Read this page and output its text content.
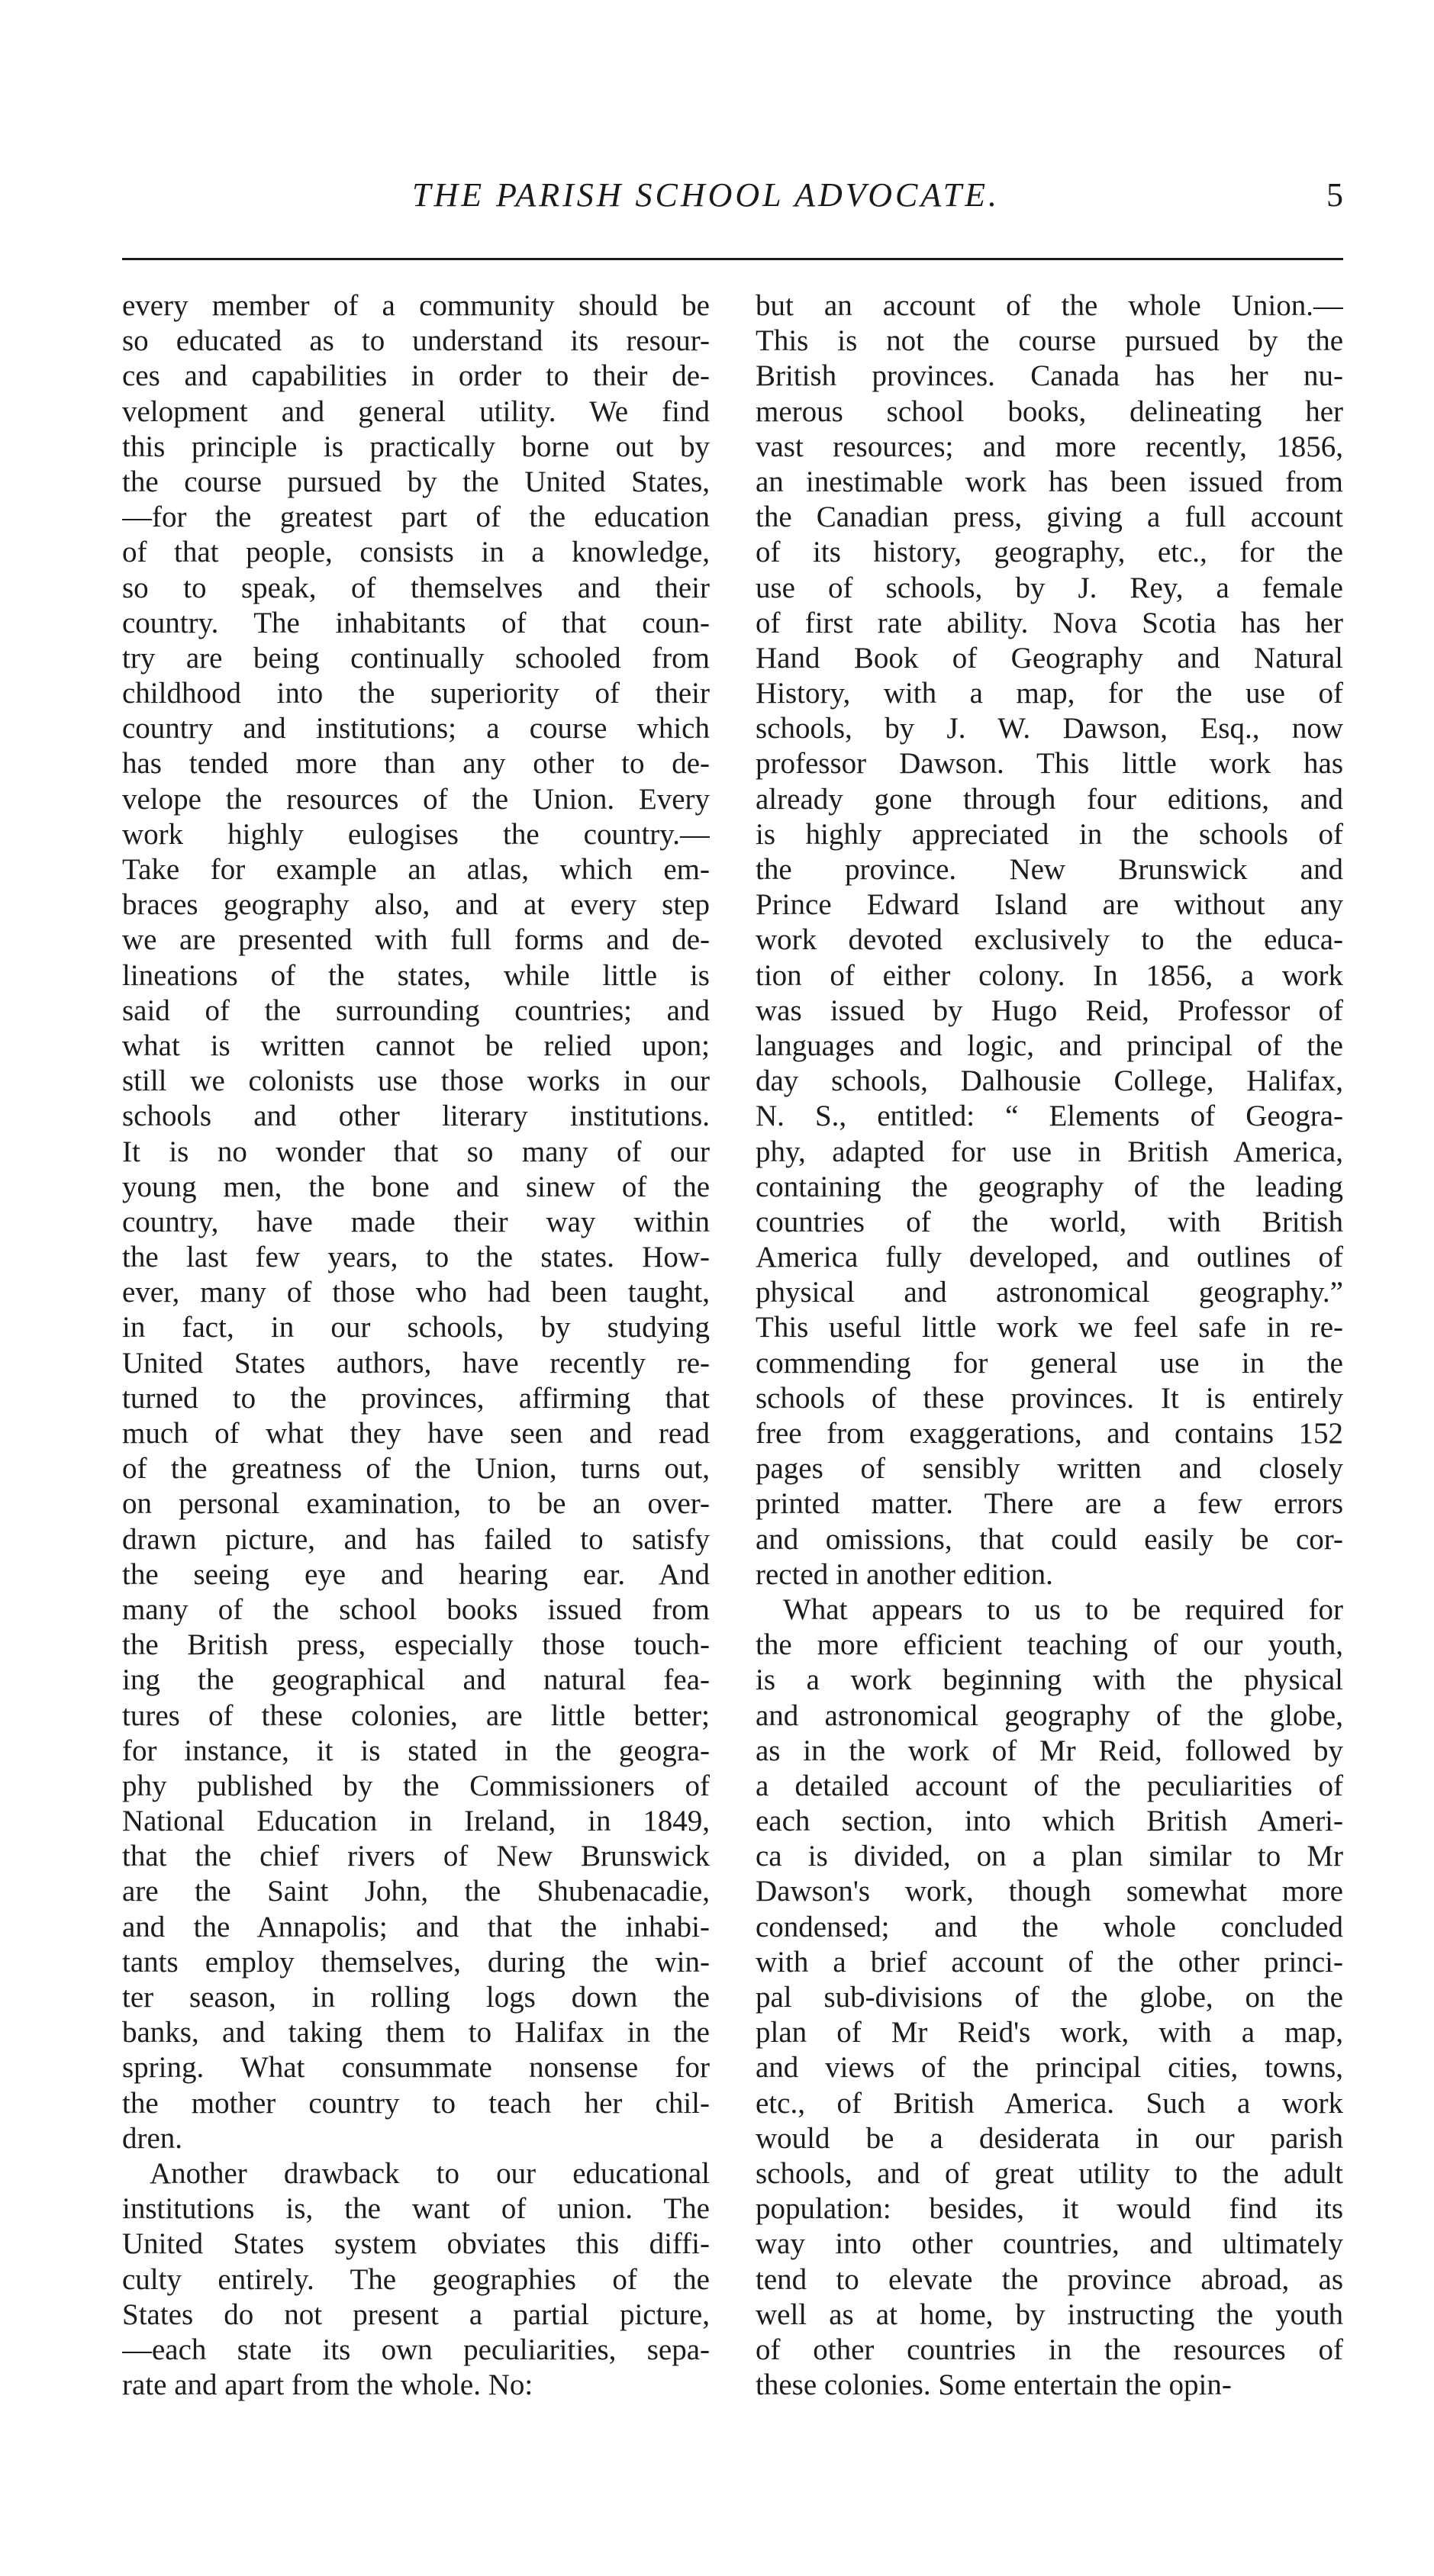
THE PARISH SCHOOL ADVOCATE.	5
every member of a community should be
so educated as to understand its resour-
ces and capabilities in order to their de-
velopment and general utility. We find
this principle is practically borne out by
the course pursued by the United States,
—for the greatest part of the education
of that people, consists in a knowledge,
so to speak, of themselves and their
country. The inhabitants of that coun-
try are being continually schooled from
childhood into the superiority of their
country and institutions; a course which
has tended more than any other to de-
velope the resources of the Union. Every
work highly eulogises the country.—
Take for example an atlas, which em-
braces geography also, and at every step
we are presented with full forms and de-
lineations of the states, while little is
said of the surrounding countries; and
what is written cannot be relied upon;
still we colonists use those works in our
schools and other literary institutions.
It is no wonder that so many of our
young men, the bone and sinew of the
country, have made their way within
the last few years, to the states. How-
ever, many of those who had been taught,
in fact, in our schools, by studying
United States authors, have recently re-
turned to the provinces, affirming that
much of what they have seen and read
of the greatness of the Union, turns out,
on personal examination, to be an over-
drawn picture, and has failed to satisfy
the seeing eye and hearing ear. And
many of the school books issued from
the British press, especially those touch-
ing the geographical and natural fea-
tures of these colonies, are little better;
for instance, it is stated in the geogra-
phy published by the Commissioners of
National Education in Ireland, in 1849,
that the chief rivers of New Brunswick
are the Saint John, the Shubenacadie,
and the Annapolis; and that the inhabi-
tants employ themselves, during the win-
ter season, in rolling logs down the
banks, and taking them to Halifax in the
spring. What consummate nonsense for
the mother country to teach her chil-
dren.
Another drawback to our educational
institutions is, the want of union. The
United States system obviates this diffi-
culty entirely. The geographies of the
States do not present a partial picture,
—each state its own peculiarities, sepa-
rate and apart from the whole. No:
but an account of the whole Union.—
This is not the course pursued by the
British provinces. Canada has her nu-
merous school books, delineating her
vast resources; and more recently, 1856,
an inestimable work has been issued from
the Canadian press, giving a full account
of its history, geography, etc., for the
use of schools, by J. Rey, a female
of first rate ability. Nova Scotia has her
Hand Book of Geography and Natural
History, with a map, for the use of
schools, by J. W. Dawson, Esq., now
professor Dawson. This little work has
already gone through four editions, and
is highly appreciated in the schools of
the province. New Brunswick and
Prince Edward Island are without any
work devoted exclusively to the educa-
tion of either colony. In 1856, a work
was issued by Hugo Reid, Professor of
languages and logic, and principal of the
day schools, Dalhousie College, Halifax,
N. S., entitled: “ Elements of Geogra-
phy, adapted for use in British America,
containing the geography of the leading
countries of the world, with British
America fully developed, and outlines of
physical and astronomical geography.”
This useful little work we feel safe in re-
commending for general use in the
schools of these provinces. It is entirely
free from exaggerations, and contains 152
pages of sensibly written and closely
printed matter. There are a few errors
and omissions, that could easily be cor-
rected in another edition.
What appears to us to be required for
the more efficient teaching of our youth,
is a work beginning with the physical
and astronomical geography of the globe,
as in the work of Mr Reid, followed by
a detailed account of the peculiarities of
each section, into which British Ameri-
ca is divided, on a plan similar to Mr
Dawson's work, though somewhat more
condensed; and the whole concluded
with a brief account of the other princi-
pal sub-divisions of the globe, on the
plan of Mr Reid's work, with a map,
and views of the principal cities, towns,
etc., of British America. Such a work
would be a desiderata in our parish
schools, and of great utility to the adult
population: besides, it would find its
way into other countries, and ultimately
tend to elevate the province abroad, as
well as at home, by instructing the youth
of other countries in the resources of
these colonies. Some entertain the opin-
